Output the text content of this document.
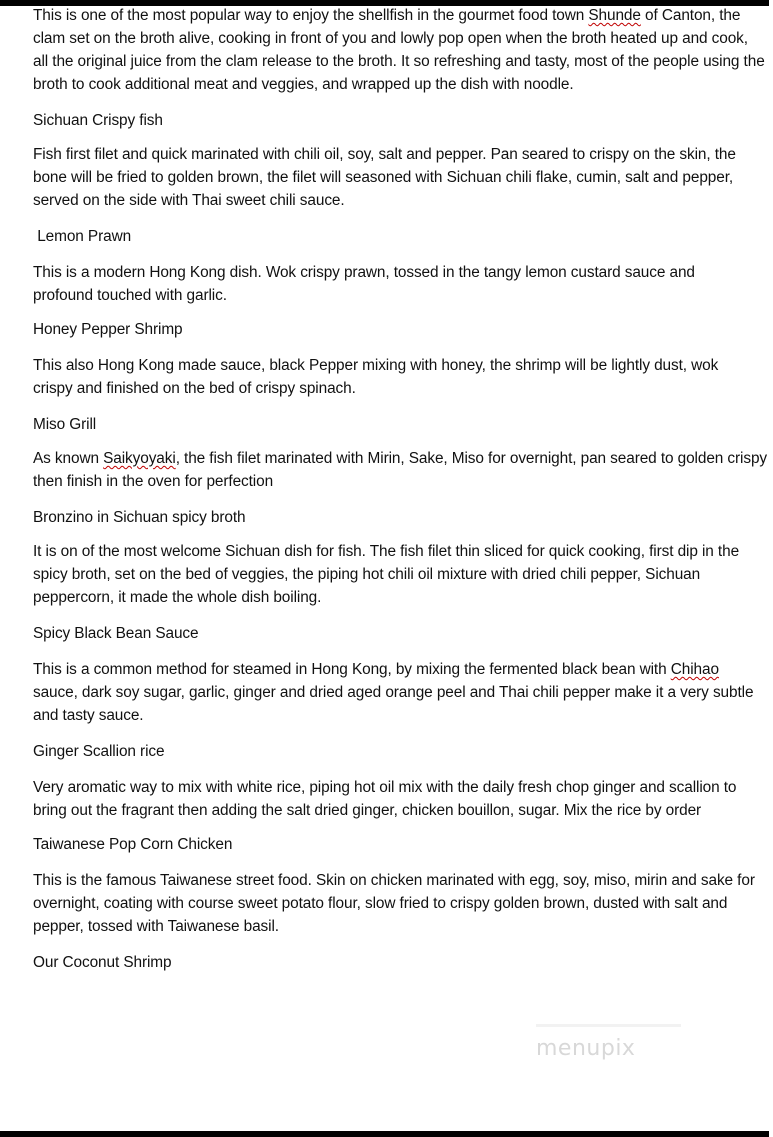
This is one of the most popular way to enjoy the shellfish in the gourmet food town Shunde of Canton, the clam set on the broth alive, cooking in front of you and lowly pop open when the broth heated up and cook, all the original juice from the clam release to the broth. It so refreshing and tasty, most of the people using the broth to cook additional meat and veggies, and wrapped up the dish with noodle.

Sichuan Crispy fish

Fish first filet and quick marinated with chili oil, soy, salt and pepper. Pan seared to crispy on the skin, the bone will be fried to golden brown, the filet will seasoned with Sichuan chili flake, cumin, salt and pepper, served on the side with Thai sweet chili sauce.

Lemon Prawn

This is a modern Hong Kong dish. Wok crispy prawn, tossed in the tangy lemon custard sauce and profound touched with garlic.

Honey Pepper Shrimp

This also Hong Kong made sauce, black Pepper mixing with honey, the shrimp will be lightly dust, wok crispy and finished on the bed of crispy spinach.

Miso Grill

As known Saikyoyaki, the fish filet marinated with Mirin, Sake, Miso for overnight, pan seared to golden crispy then finish in the oven for perfection

Bronzino in Sichuan spicy broth

It is on of the most welcome Sichuan dish for fish. The fish filet thin sliced for quick cooking, first dip in the spicy broth, set on the bed of veggies, the piping hot chili oil mixture with dried chili pepper, Sichuan peppercorn, it made the whole dish boiling.

Spicy Black Bean Sauce

This is a common method for steamed in Hong Kong, by mixing the fermented black bean with Chihao sauce, dark soy sugar, garlic, ginger and dried aged orange peel and Thai chili pepper make it a very subtle and tasty sauce.

Ginger Scallion rice

Very aromatic way to mix with white rice, piping hot oil mix with the daily fresh chop ginger and scallion to bring out the fragrant then adding the salt dried ginger, chicken bouillon, sugar. Mix the rice by order

Taiwanese Pop Corn Chicken

This is the famous Taiwanese street food. Skin on chicken marinated with egg, soy, miso, mirin and sake for overnight, coating with course sweet potato flour, slow fried to crispy golden brown, dusted with salt and pepper, tossed with Taiwanese basil.

Our Coconut Shrimp

menupix
